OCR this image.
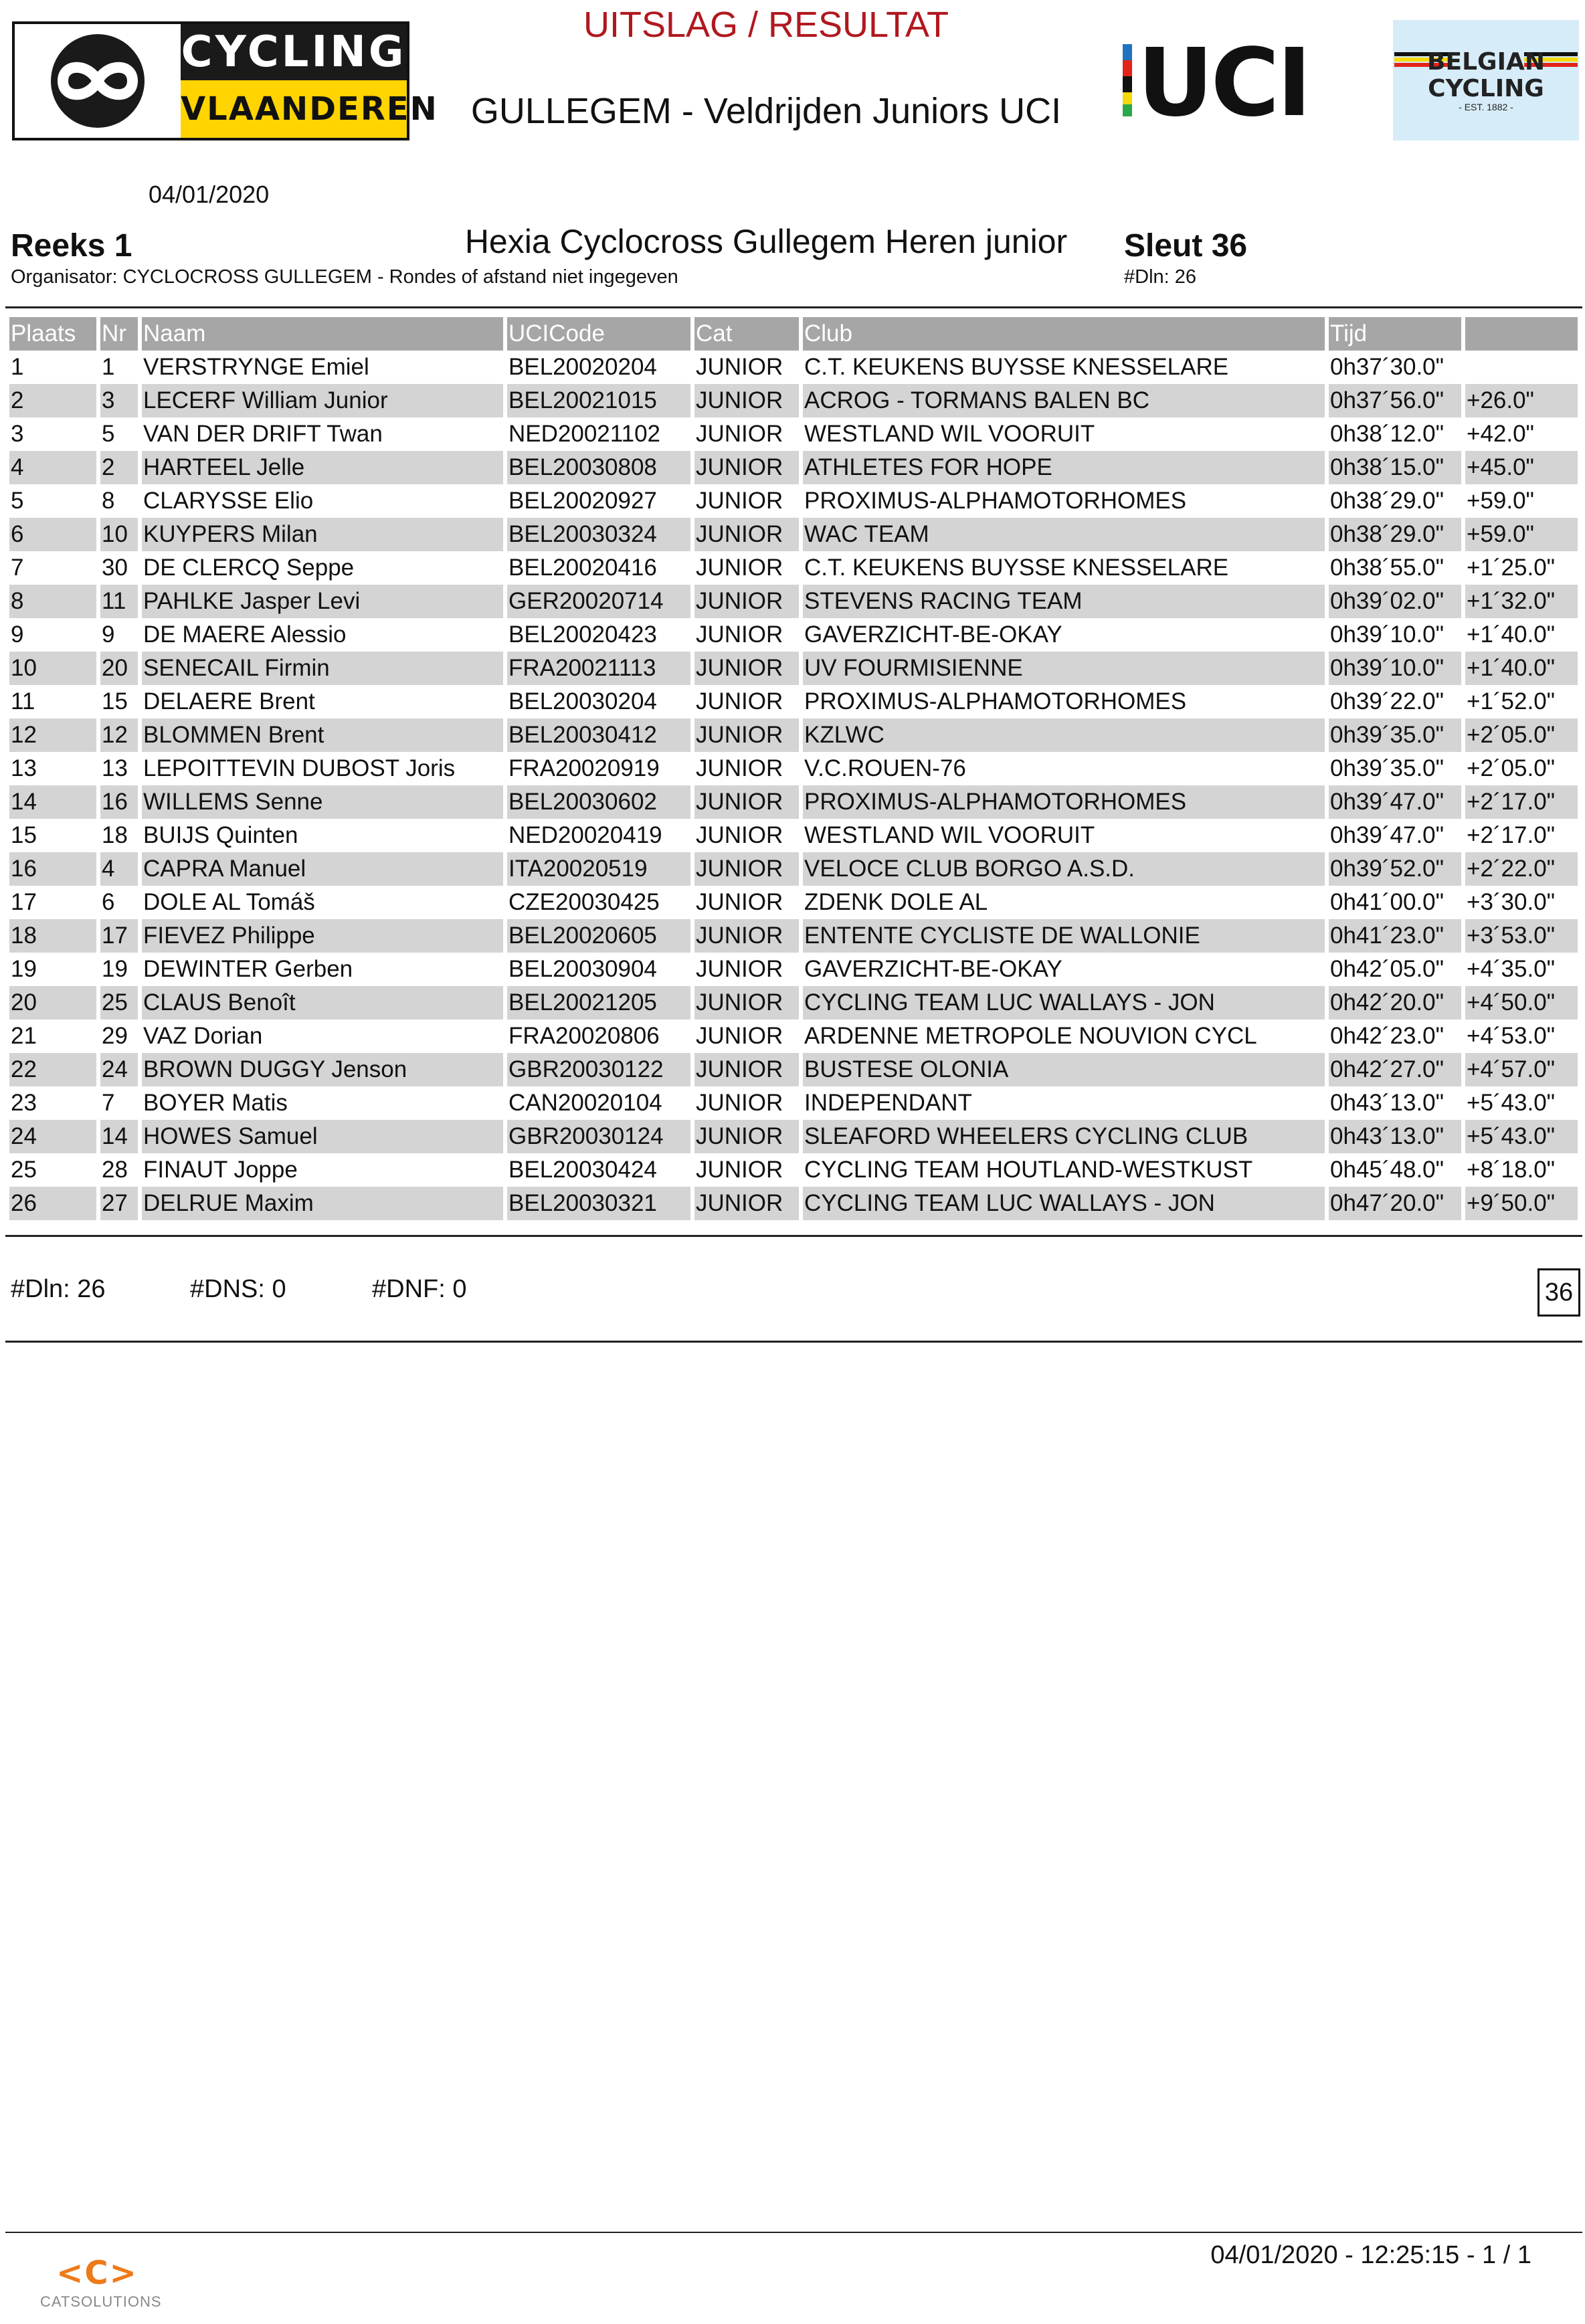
CYCLING
VLAANDEREN
UITSLAG / RESULTAT
GULLEGEM - Veldrijden Juniors UCI UCI	BELGIAN
CYCLING
- EST. 1882 -
04/01/2020
Reeks 1	Hexia Cyclocross Gullegem Heren junior	Sleut 36
Organisator: CYCLOCROSS GULLEGEM - Rondes of afstand niet ingegeven	#Dln: 26
Plaats	Nr	Naam	UCICode	Cat	Club	Tijd	
1	1	VERSTRYNGE Emiel	BEL20020204	JUNIOR	C.T. KEUKENS BUYSSE KNESSELARE	0h37´30.0"	
2	3	LECERF William Junior	BEL20021015	JUNIOR	ACROG - TORMANS BALEN BC	0h37´56.0"	+26.0"
3	5	VAN DER DRIFT Twan	NED20021102	JUNIOR	WESTLAND WIL VOORUIT	0h38´12.0"	+42.0"
4	2	HARTEEL Jelle	BEL20030808	JUNIOR	ATHLETES FOR HOPE	0h38´15.0"	+45.0"
5	8	CLARYSSE Elio	BEL20020927	JUNIOR	PROXIMUS-ALPHAMOTORHOMES	0h38´29.0"	+59.0"
6	10	KUYPERS Milan	BEL20030324	JUNIOR	WAC TEAM	0h38´29.0"	+59.0"
7	30	DE CLERCQ Seppe	BEL20020416	JUNIOR	C.T. KEUKENS BUYSSE KNESSELARE	0h38´55.0"	+1´25.0"
8	11	PAHLKE Jasper Levi	GER20020714	JUNIOR	STEVENS RACING TEAM	0h39´02.0"	+1´32.0"
9	9	DE MAERE Alessio	BEL20020423	JUNIOR	GAVERZICHT-BE-OKAY	0h39´10.0"	+1´40.0"
10	20	SENECAIL Firmin	FRA20021113	JUNIOR	UV FOURMISIENNE	0h39´10.0"	+1´40.0"
11	15	DELAERE Brent	BEL20030204	JUNIOR	PROXIMUS-ALPHAMOTORHOMES	0h39´22.0"	+1´52.0"
12	12	BLOMMEN Brent	BEL20030412	JUNIOR	KZLWC	0h39´35.0"	+2´05.0"
13	13	LEPOITTEVIN DUBOST Joris	FRA20020919	JUNIOR	V.C.ROUEN-76	0h39´35.0"	+2´05.0"
14	16	WILLEMS Senne	BEL20030602	JUNIOR	PROXIMUS-ALPHAMOTORHOMES	0h39´47.0"	+2´17.0"
15	18	BUIJS Quinten	NED20020419	JUNIOR	WESTLAND WIL VOORUIT	0h39´47.0"	+2´17.0"
16	4	CAPRA Manuel	ITA20020519	JUNIOR	VELOCE CLUB BORGO A.S.D.	0h39´52.0"	+2´22.0"
17	6	DOLE AL Tomáš	CZE20030425	JUNIOR	ZDENK DOLE AL	0h41´00.0"	+3´30.0"
18	17	FIEVEZ Philippe	BEL20020605	JUNIOR	ENTENTE CYCLISTE DE WALLONIE	0h41´23.0"	+3´53.0"
19	19	DEWINTER Gerben	BEL20030904	JUNIOR	GAVERZICHT-BE-OKAY	0h42´05.0"	+4´35.0"
20	25	CLAUS Benoît	BEL20021205	JUNIOR	CYCLING TEAM LUC WALLAYS - JON	0h42´20.0"	+4´50.0"
21	29	VAZ Dorian	FRA20020806	JUNIOR	ARDENNE METROPOLE NOUVION CYCL	0h42´23.0"	+4´53.0"
22	24	BROWN DUGGY Jenson	GBR20030122	JUNIOR	BUSTESE OLONIA	0h42´27.0"	+4´57.0"
23	7	BOYER Matis	CAN20020104	JUNIOR	INDEPENDANT	0h43´13.0"	+5´43.0"
24	14	HOWES Samuel	GBR20030124	JUNIOR	SLEAFORD WHEELERS CYCLING CLUB	0h43´13.0"	+5´43.0"
25	28	FINAUT Joppe	BEL20030424	JUNIOR	CYCLING TEAM HOUTLAND-WESTKUST	0h45´48.0"	+8´18.0"
26	27	DELRUE Maxim	BEL20030321	JUNIOR	CYCLING TEAM LUC WALLAYS - JON	0h47´20.0"	+9´50.0"
#Dln: 26	#DNS: 0	#DNF: 0	36
<C>
CATSOLUTIONS
04/01/2020 - 12:25:15 - 1 / 1
